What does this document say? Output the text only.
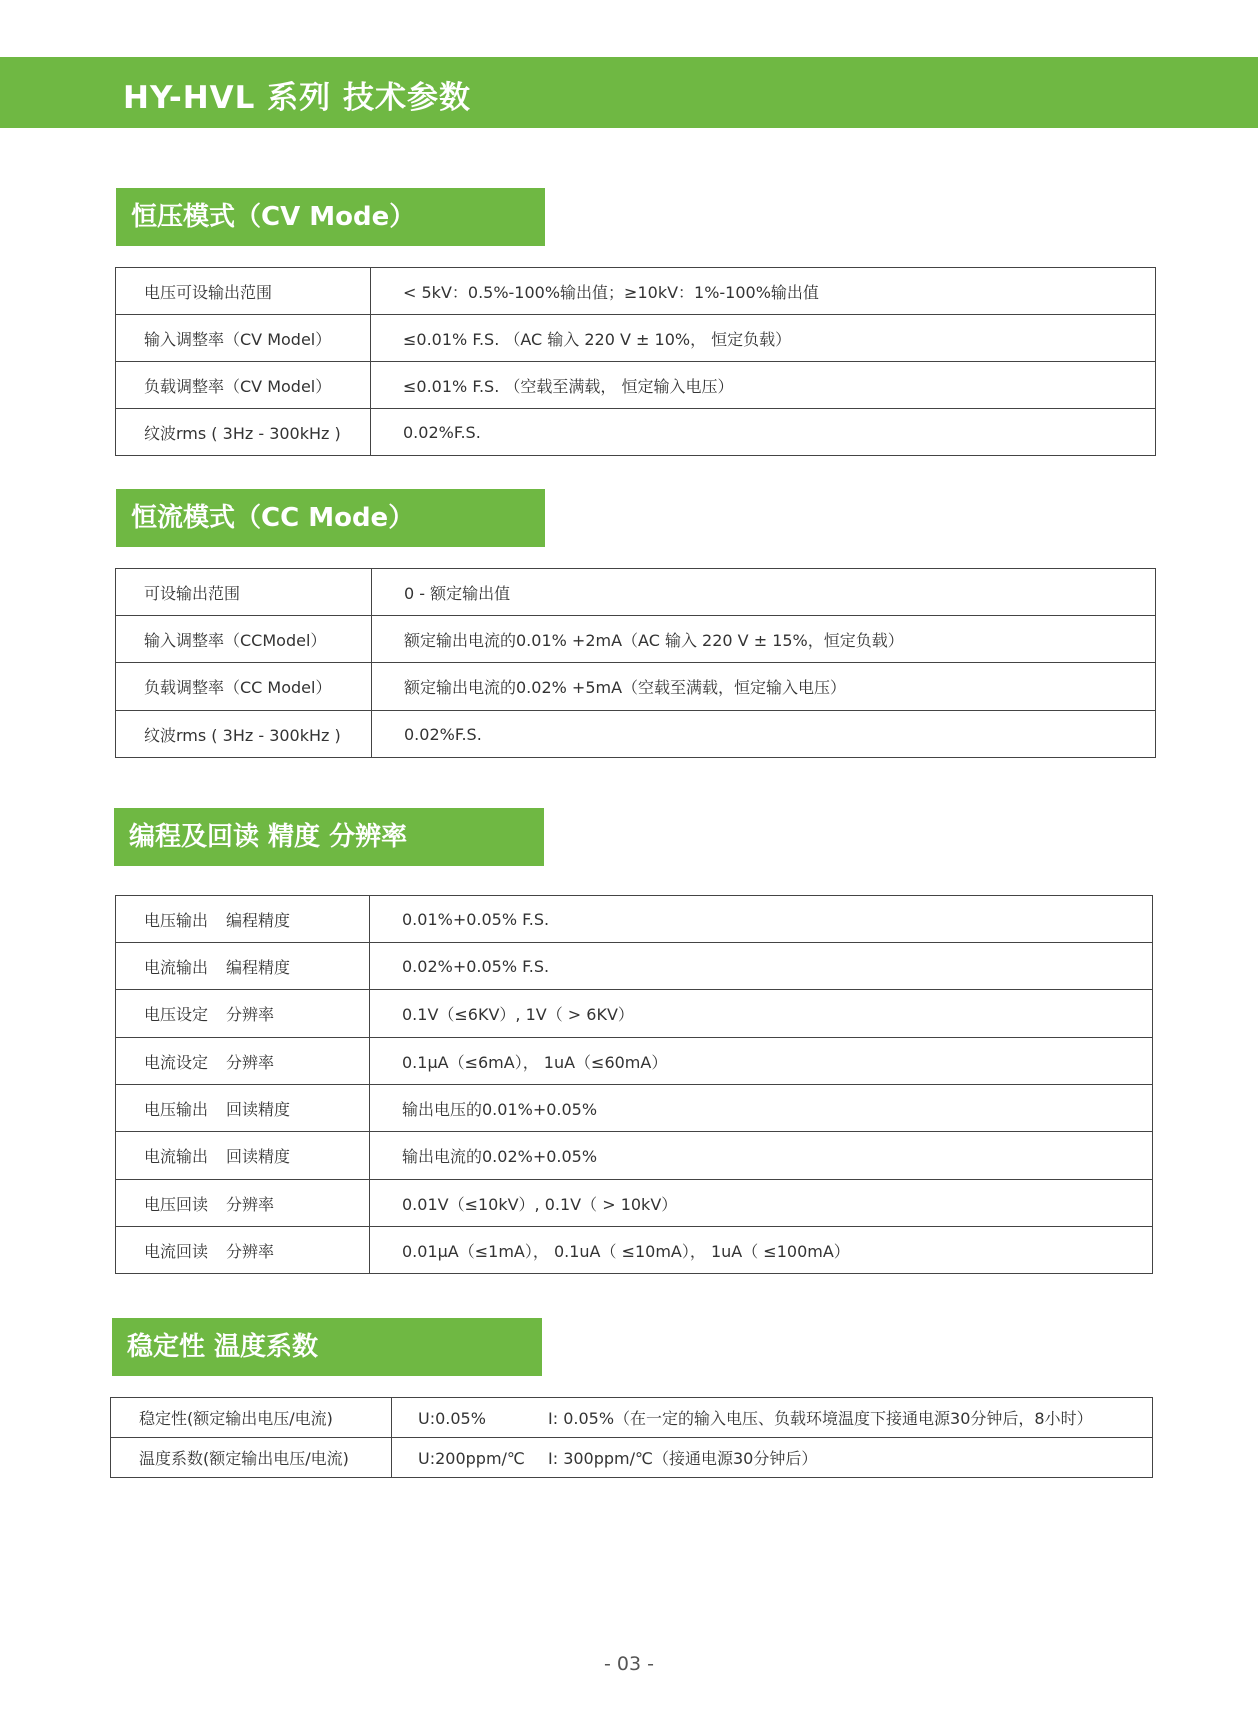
HY-HVL 系列 技术参数
恒压模式（CV Mode）
电压可设输出范围	< 5kV：0.5%-100%输出值；≥10kV：1%-100%输出值
输入调整率（CV Model）	≤0.01% F.S. （AC 输入 220 V ± 10%， 恒定负载）
负载调整率（CV Model）	≤0.01% F.S. （空载至满载， 恒定输入电压）
纹波rms ( 3Hz - 300kHz )	0.02%F.S.
恒流模式（CC Mode）
可设输出范围	0 - 额定输出值
输入调整率（CCModel）	额定输出电流的0.01% +2mA（AC 输入 220 V ± 15%，恒定负载）
负载调整率（CC Model）	额定输出电流的0.02% +5mA（空载至满载，恒定输入电压）
纹波rms ( 3Hz - 300kHz )	0.02%F.S.
编程及回读 精度 分辨率
电压输出 编程精度	0.01%+0.05% F.S.
电流输出 编程精度	0.02%+0.05% F.S.
电压设定 分辨率	0.1V（≤6KV）, 1V（ > 6KV）
电流设定 分辨率	0.1µA（≤6mA）， 1uA（≤60mA）
电压输出 回读精度	输出电压的0.01%+0.05%
电流输出 回读精度	输出电流的0.02%+0.05%
电压回读 分辨率	0.01V（≤10kV）, 0.1V（ > 10kV）
电流回读 分辨率	0.01µA（≤1mA）， 0.1uA（ ≤10mA）， 1uA（ ≤100mA）
稳定性 温度系数
稳定性(额定输出电压/电流)	U:0.05% I: 0.05%（在一定的输入电压、负载环境温度下接通电源30分钟后，8小时）
温度系数(额定输出电压/电流)	U:200ppm/℃ I: 300ppm/℃（接通电源30分钟后）
- 03 -
